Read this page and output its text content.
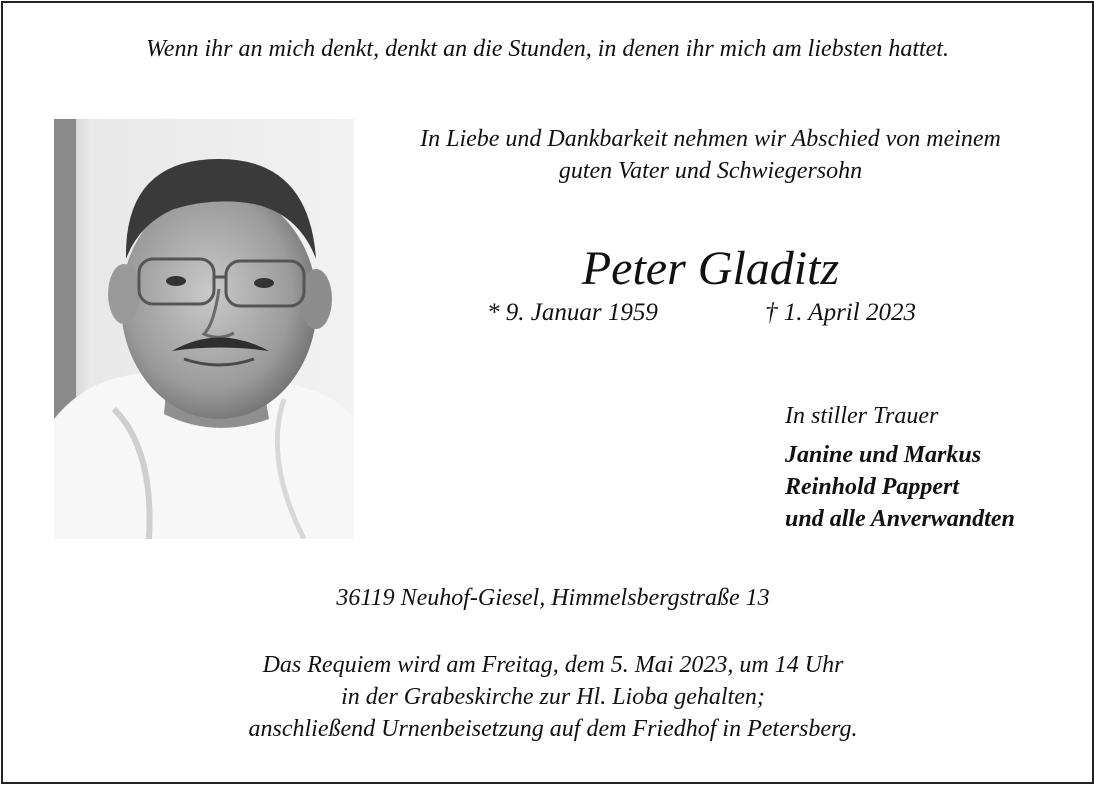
Wenn ihr an mich denkt, denkt an die Stunden, in denen ihr mich am liebsten hattet.
In Liebe und Dankbarkeit nehmen wir Abschied von meinem
guten Vater und Schwiegersohn
Peter Gladitz
* 9. Januar 1959	† 1. April 2023
In stiller Trauer
Janine und Markus
Reinhold Pappert
und alle Anverwandten
36119 Neuhof-Giesel, Himmelsbergstraße 13
Das Requiem wird am Freitag, dem 5. Mai 2023, um 14 Uhr
in der Grabeskirche zur Hl. Lioba gehalten;
anschließend Urnenbeisetzung auf dem Friedhof in Petersberg.
